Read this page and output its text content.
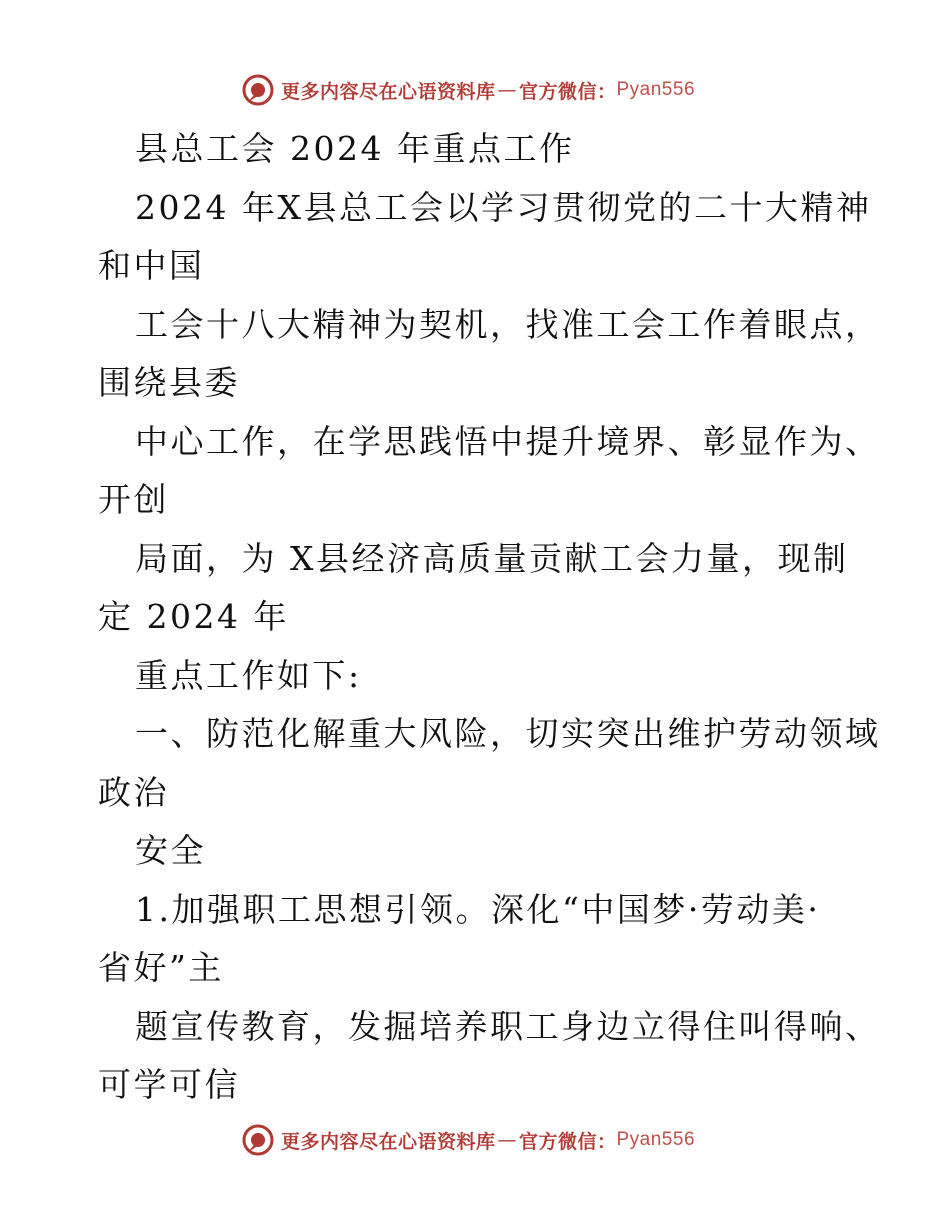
更多内容尽在心语资料库 — 官方微信： Pyan556
县总工会 2024 年重点工作
2024 年X县总工会以学习贯彻党的二十大精神
和中国
工会十八大精神为契机，找准工会工作着眼点，
围绕县委
中心工作，在学思践悟中提升境界、彰显作为、
开创
局面，为 X县经济高质量贡献工会力量，现制
定 2024 年
重点工作如下:
一、防范化解重大风险，切实突出维护劳动领域
政治
安全
1.加强职工思想引领。深化“中国梦·劳动美·
省好”主
题宣传教育，发掘培养职工身边立得住叫得响、
可学可信
更多内容尽在心语资料库 — 官方微信： Pyan556
